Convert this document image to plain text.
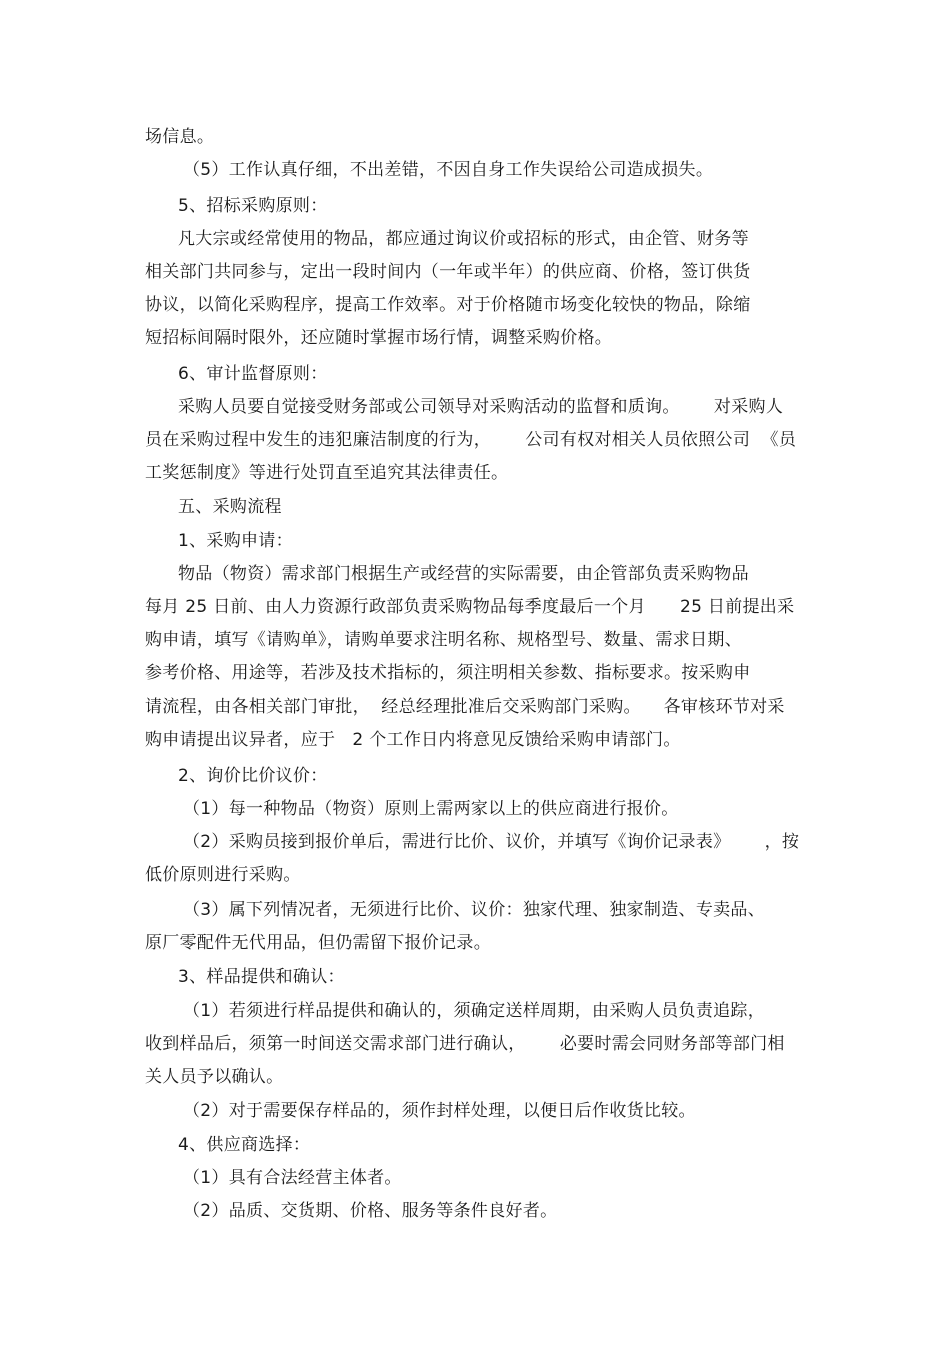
场信息。
（5）工作认真仔细，不出差错，不因自身工作失误给公司造成损失。
5、招标采购原则：
凡大宗或经常使用的物品，都应通过询议价或招标的形式，由企管、财务等
相关部门共同参与，定出一段时间内（一年或半年）的供应商、价格，签订供货
协议，以简化采购程序，提高工作效率。对于价格随市场变化较快的物品，除缩
短招标间隔时限外，还应随时掌握市场行情，调整采购价格。
6、审计监督原则：
采购人员要自觉接受财务部或公司领导对采购活动的监督和质询。      对采购人
员在采购过程中发生的违犯廉洁制度的行为，      公司有权对相关人员依照公司  《员
工奖惩制度》等进行处罚直至追究其法律责任。
五、采购流程
1、采购申请：
物品（物资）需求部门根据生产或经营的实际需要，由企管部负责采购物品
每月 25 日前、由人力资源行政部负责采购物品每季度最后一个月      25 日前提出采
购申请，填写《请购单》，请购单要求注明名称、规格型号、数量、需求日期、
参考价格、用途等，若涉及技术指标的，须注明相关参数、指标要求。按采购申
请流程，由各相关部门审批，  经总经理批准后交采购部门采购。    各审核环节对采
购申请提出议异者，应于   2 个工作日内将意见反馈给采购申请部门。
2、询价比价议价：
（1）每一种物品（物资）原则上需两家以上的供应商进行报价。
（2）采购员接到报价单后，需进行比价、议价，并填写《询价记录表》      ，按
低价原则进行采购。
（3）属下列情况者，无须进行比价、议价：独家代理、独家制造、专卖品、
原厂零配件无代用品，但仍需留下报价记录。
3、样品提供和确认：
（1）若须进行样品提供和确认的，须确定送样周期，由采购人员负责追踪，
收到样品后，须第一时间送交需求部门进行确认，      必要时需会同财务部等部门相
关人员予以确认。
（2）对于需要保存样品的，须作封样处理，以便日后作收货比较。
4、供应商选择：
（1）具有合法经营主体者。
（2）品质、交货期、价格、服务等条件良好者。
